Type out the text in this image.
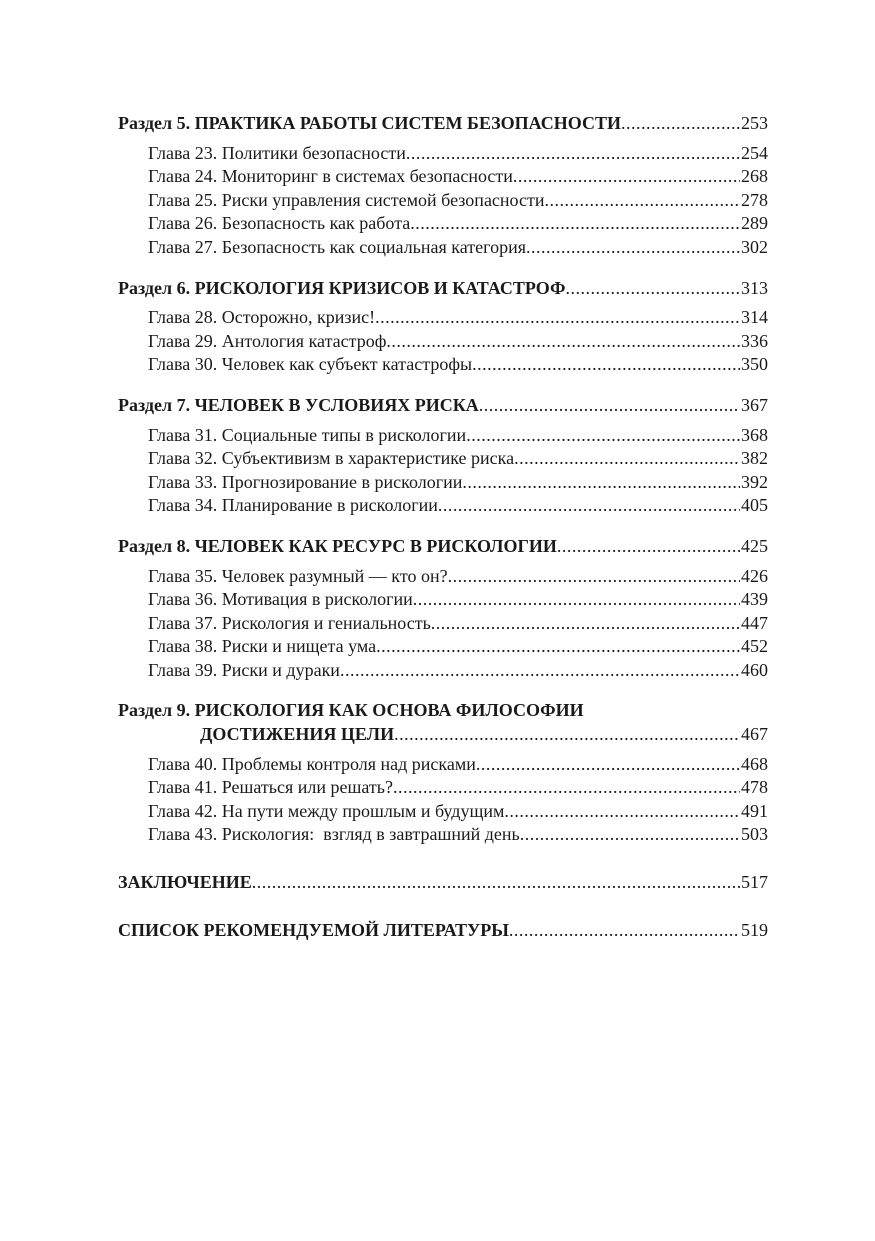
Раздел 5. ПРАКТИКА РАБОТЫ СИСТЕМ БЕЗОПАСНОСТИ .....	253
Глава 23. Политики безопасности .....	254
Глава 24. Мониторинг в системах безопасности .....	268
Глава 25. Риски управления системой безопасности .....	278
Глава 26. Безопасность как работа .....	289
Глава 27. Безопасность как социальная категория .....	302
Раздел 6. РИСКОЛОГИЯ КРИЗИСОВ И КАТАСТРОФ .....	313
Глава 28. Осторожно, кризис! .....	314
Глава 29. Антология катастроф .....	336
Глава 30. Человек как субъект катастрофы .....	350
Раздел 7. ЧЕЛОВЕК В УСЛОВИЯХ РИСКА .....	367
Глава 31. Социальные типы в рискологии .....	368
Глава 32. Субъективизм в характеристике риска .....	382
Глава 33. Прогнозирование в рискологии .....	392
Глава 34. Планирование в рискологии .....	405
Раздел 8. ЧЕЛОВЕК КАК РЕСУРС В РИСКОЛОГИИ .....	425
Глава 35. Человек разумный — кто он? .....	426
Глава 36. Мотивация в рискологии .....	439
Глава 37. Рискология и гениальность .....	447
Глава 38. Риски и нищета ума .....	452
Глава 39. Риски и дураки .....	460
Раздел 9. РИСКОЛОГИЯ КАК ОСНОВА ФИЛОСОФИИ
ДОСТИЖЕНИЯ ЦЕЛИ .....	467
Глава 40. Проблемы контроля над рисками .....	468
Глава 41. Решаться или решать? .....	478
Глава 42. На пути между прошлым и будущим .....	491
Глава 43. Рискология:  взгляд в завтрашний день .....	503
ЗАКЛЮЧЕНИЕ .....	517
СПИСОК РЕКОМЕНДУЕМОЙ ЛИТЕРАТУРЫ .....	519
